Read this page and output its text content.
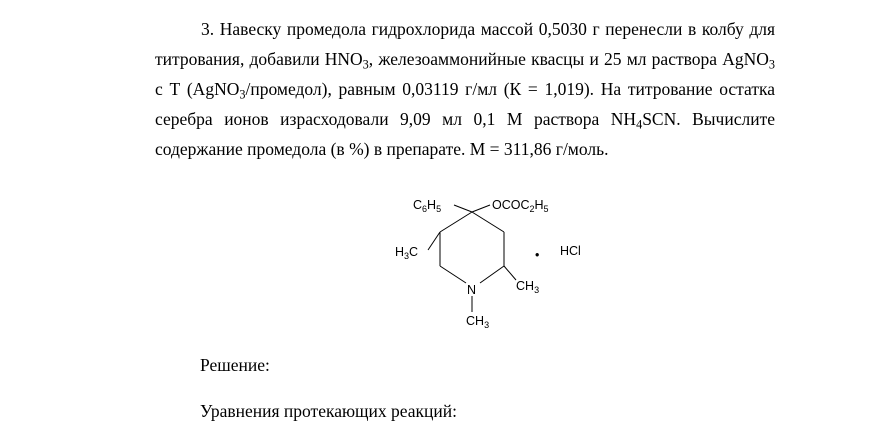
3. Навеску промедола гидрохлорида массой 0,5030 г перенесли в колбу для титрования, добавили $HNO_3$, железоаммонийные квасцы и 25 мл раствора AgNO$_3$ с Т (AgNO$_3$/промедол), равным 0,03119 г/мл (К = 1,019). На титрование остатка серебра ионов израсходовали 9,09 мл 0,1 М раствора $NH_4SCN$. Вычислите содержание промедола (в %) в препарате. М = 311,86 г/моль.

$C_6H_5$	$OCOC_2H_5$
$H_3C$
N	$CH_3$
$CH_3$
• HCl
Решение:
Уравнения протекающих реакций:
